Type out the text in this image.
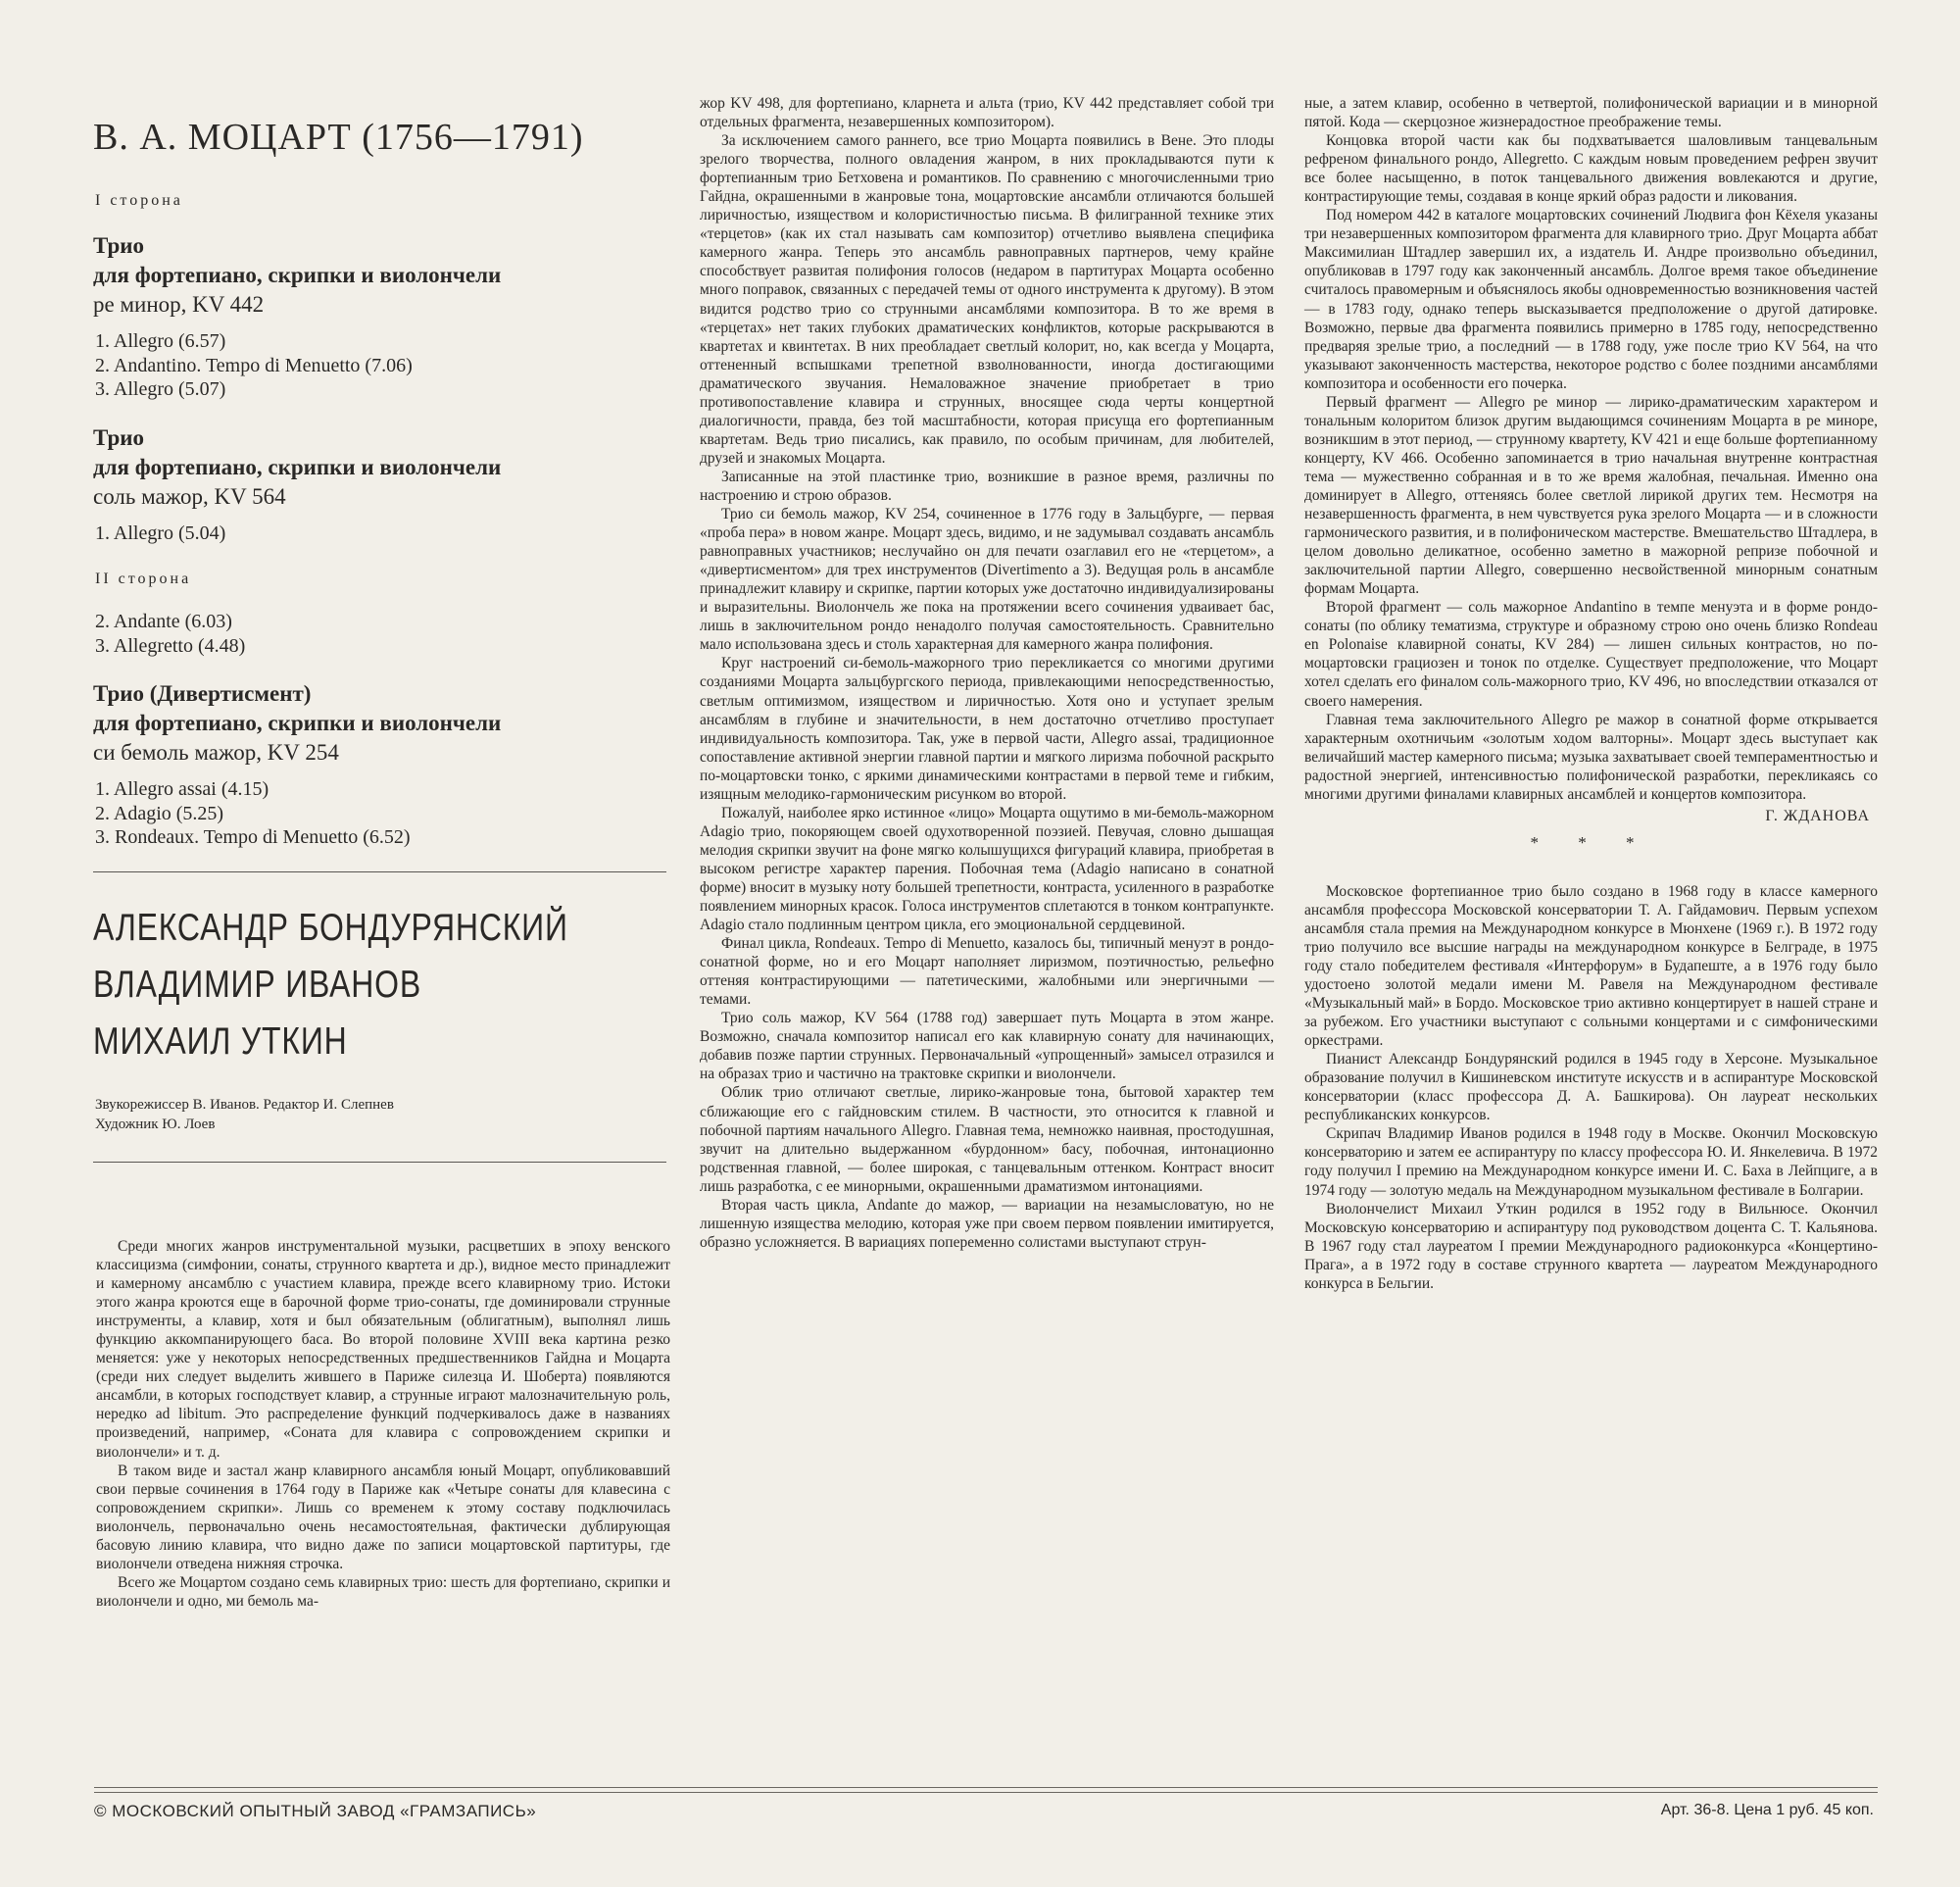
В. А. МОЦАРТ (1756—1791)
I сторона
Трио
для фортепиано, скрипки и виолончели
ре минор, KV 442
1. Allegro (6.57)
2. Andantino. Tempo di Menuetto (7.06)
3. Allegro (5.07)
Трио
для фортепиано, скрипки и виолончели
соль мажор, KV 564
1. Allegro (5.04)
II сторона
2. Andante (6.03)
3. Allegretto (4.48)
Трио (Дивертисмент)
для фортепиано, скрипки и виолончели
си бемоль мажор, KV 254
1. Allegro assai (4.15)
2. Adagio (5.25)
3. Rondeaux. Tempo di Menuetto (6.52)
АЛЕКСАНДР БОНДУРЯНСКИЙ
ВЛАДИМИР ИВАНОВ
МИХАИЛ УТКИН
Звукорежиссер В. Иванов. Редактор И. Слепнев
Художник Ю. Лоев

Среди многих жанров инструментальной музыки, расцветших в эпоху венского классицизма (симфонии, сонаты, струнного квартета и др.), видное место принадлежит и камерному ансамблю с участием клавира, прежде всего клавирному трио. Истоки этого жанра кроются еще в барочной форме трио-сонаты, где доминировали струнные инструменты, а клавир, хотя и был обязательным (облигатным), выполнял лишь функцию аккомпанирующего баса. Во второй половине XVIII века картина резко меняется: уже у некоторых непосредственных предшественников Гайдна и Моцарта (среди них следует выделить жившего в Париже силезца И. Шоберта) появляются ансамбли, в которых господствует клавир, а струнные играют малозначительную роль, нередко ad libitum. Это распределение функций подчеркивалось даже в названиях произведений, например, «Соната для клавира с сопровождением скрипки и виолончели» и т. д.

В таком виде и застал жанр клавирного ансамбля юный Моцарт, опубликовавший свои первые сочинения в 1764 году в Париже как «Четыре сонаты для клавесина с сопровождением скрипки». Лишь со временем к этому составу подключилась виолончель, первоначально очень несамостоятельная, фактически дублирующая басовую линию клавира, что видно даже по записи моцартовской партитуры, где виолончели отведена нижняя строчка.

Всего же Моцартом создано семь клавирных трио: шесть для фортепиано, скрипки и виолончели и одно, ми бемоль ма-

жор KV 498, для фортепиано, кларнета и альта (трио, KV 442 представляет собой три отдельных фрагмента, незавершенных композитором).

За исключением самого раннего, все трио Моцарта появились в Вене. Это плоды зрелого творчества, полного овладения жанром, в них прокладываются пути к фортепианным трио Бетховена и романтиков. По сравнению с многочисленными трио Гайдна, окрашенными в жанровые тона, моцартовские ансамбли отличаются большей лиричностью, изяществом и колористичностью письма. В филигранной технике этих «терцетов» (как их стал называть сам композитор) отчетливо выявлена специфика камерного жанра. Теперь это ансамбль равноправных партнеров, чему крайне способствует развитая полифония голосов (недаром в партитурах Моцарта особенно много поправок, связанных с передачей темы от одного инструмента к другому). В этом видится родство трио со струнными ансамблями композитора. В то же время в «терцетах» нет таких глубоких драматических конфликтов, которые раскрываются в квартетах и квинтетах. В них преобладает светлый колорит, но, как всегда у Моцарта, оттененный вспышками трепетной взволнованности, иногда достигающими драматического звучания. Немаловажное значение приобретает в трио противопоставление клавира и струнных, вносящее сюда черты концертной диалогичности, правда, без той масштабности, которая присуща его фортепианным квартетам. Ведь трио писались, как правило, по особым причинам, для любителей, друзей и знакомых Моцарта.

Записанные на этой пластинке трио, возникшие в разное время, различны по настроению и строю образов.

Трио си бемоль мажор, KV 254, сочиненное в 1776 году в Зальцбурге, — первая «проба пера» в новом жанре. Моцарт здесь, видимо, и не задумывал создавать ансамбль равноправных участников; неслучайно он для печати озаглавил его не «терцетом», а «дивертисментом» для трех инструментов (Divertimento a 3). Ведущая роль в ансамбле принадлежит клавиру и скрипке, партии которых уже достаточно индивидуализированы и выразительны. Виолончель же пока на протяжении всего сочинения удваивает бас, лишь в заключительном рондо ненадолго получая самостоятельность. Сравнительно мало использована здесь и столь характерная для камерного жанра полифония.

Круг настроений си-бемоль-мажорного трио перекликается со многими другими созданиями Моцарта зальцбургского периода, привлекающими непосредственностью, светлым оптимизмом, изяществом и лиричностью. Хотя оно и уступает зрелым ансамблям в глубине и значительности, в нем достаточно отчетливо проступает индивидуальность композитора. Так, уже в первой части, Allegro assai, традиционное сопоставление активной энергии главной партии и мягкого лиризма побочной раскрыто по-моцартовски тонко, с яркими динамическими контрастами в первой теме и гибким, изящным мелодико-гармоническим рисунком во второй.

Пожалуй, наиболее ярко истинное «лицо» Моцарта ощутимо в ми-бемоль-мажорном Adagio трио, покоряющем своей одухотворенной поэзией. Певучая, словно дышащая мелодия скрипки звучит на фоне мягко колышущихся фигураций клавира, приобретая в высоком регистре характер парения. Побочная тема (Adagio написано в сонатной форме) вносит в музыку ноту большей трепетности, контраста, усиленного в разработке появлением минорных красок. Голоса инструментов сплетаются в тонком контрапункте. Adagio стало подлинным центром цикла, его эмоциональной сердцевиной.

Финал цикла, Rondeaux. Tempo di Menuetto, казалось бы, типичный менуэт в рондо-сонатной форме, но и его Моцарт наполняет лиризмом, поэтичностью, рельефно оттеняя контрастирующими — патетическими, жалобными или энергичными — темами.

Трио соль мажор, KV 564 (1788 год) завершает путь Моцарта в этом жанре. Возможно, сначала композитор написал его как клавирную сонату для начинающих, добавив позже партии струнных. Первоначальный «упрощенный» замысел отразился и на образах трио и частично на трактовке скрипки и виолончели.

Облик трио отличают светлые, лирико-жанровые тона, бытовой характер тем сближающие его с гайдновским стилем. В частности, это относится к главной и побочной партиям начального Allegro. Главная тема, немножко наивная, простодушная, звучит на длительно выдержанном «бурдонном» басу, побочная, интонационно родственная главной, — более широкая, с танцевальным оттенком. Контраст вносит лишь разработка, с ее минорными, окрашенными драматизмом интонациями.

Вторая часть цикла, Andante до мажор, — вариации на незамысловатую, но не лишенную изящества мелодию, которая уже при своем первом появлении имитируется, образно усложняется. В вариациях попеременно солистами выступают струн-

ные, а затем клавир, особенно в четвертой, полифонической вариации и в минорной пятой. Кода — скерцозное жизнерадостное преображение темы.

Концовка второй части как бы подхватывается шаловливым танцевальным рефреном финального рондо, Allegretto. С каждым новым проведением рефрен звучит все более насыщенно, в поток танцевального движения вовлекаются и другие, контрастирующие темы, создавая в конце яркий образ радости и ликования.

Под номером 442 в каталоге моцартовских сочинений Людвига фон Кёхеля указаны три незавершенных композитором фрагмента для клавирного трио. Друг Моцарта аббат Максимилиан Штадлер завершил их, а издатель И. Андре произвольно объединил, опубликовав в 1797 году как законченный ансамбль. Долгое время такое объединение считалось правомерным и объяснялось якобы одновременностью возникновения частей — в 1783 году, однако теперь высказывается предположение о другой датировке. Возможно, первые два фрагмента появились примерно в 1785 году, непосредственно предваряя зрелые трио, а последний — в 1788 году, уже после трио KV 564, на что указывают законченность мастерства, некоторое родство с более поздними ансамблями композитора и особенности его почерка.

Первый фрагмент — Allegro ре минор — лирико-драматическим характером и тональным колоритом близок другим выдающимся сочинениям Моцарта в ре миноре, возникшим в этот период, — струнному квартету, KV 421 и еще больше фортепианному концерту, KV 466. Особенно запоминается в трио начальная внутренне контрастная тема — мужественно собранная и в то же время жалобная, печальная. Именно она доминирует в Allegro, оттеняясь более светлой лирикой других тем. Несмотря на незавершенность фрагмента, в нем чувствуется рука зрелого Моцарта — и в сложности гармонического развития, и в полифоническом мастерстве. Вмешательство Штадлера, в целом довольно деликатное, особенно заметно в мажорной репризе побочной и заключительной партии Allegro, совершенно несвойственной минорным сонатным формам Моцарта.

Второй фрагмент — соль мажорное Andantino в темпе менуэта и в форме рондо-сонаты (по облику тематизма, структуре и образному строю оно очень близко Rondeau en Polonaise клавирной сонаты, KV 284) — лишен сильных контрастов, но по-моцартовски грациозен и тонок по отделке. Существует предположение, что Моцарт хотел сделать его финалом соль-мажорного трио, KV 496, но впоследствии отказался от своего намерения.

Главная тема заключительного Allegro ре мажор в сонатной форме открывается характерным охотничьим «золотым ходом валторны». Моцарт здесь выступает как величайший мастер камерного письма; музыка захватывает своей темпераментностью и радостной энергией, интенсивностью полифонической разработки, перекликаясь со многими другими финалами клавирных ансамблей и концертов композитора.

Г. ЖДАНОВА
* * *

Московское фортепианное трио было создано в 1968 году в классе камерного ансамбля профессора Московской консерватории Т. А. Гайдамович. Первым успехом ансамбля стала премия на Международном конкурсе в Мюнхене (1969 г.). В 1972 году трио получило все высшие награды на международном конкурсе в Белграде, в 1975 году стало победителем фестиваля «Интерфорум» в Будапеште, а в 1976 году было удостоено золотой медали имени М. Равеля на Международном фестивале «Музыкальный май» в Бордо. Московское трио активно концертирует в нашей стране и за рубежом. Его участники выступают с сольными концертами и с симфоническими оркестрами.

Пианист Александр Бондурянский родился в 1945 году в Херсоне. Музыкальное образование получил в Кишиневском институте искусств и в аспирантуре Московской консерватории (класс профессора Д. А. Башкирова). Он лауреат нескольких республиканских конкурсов.

Скрипач Владимир Иванов родился в 1948 году в Москве. Окончил Московскую консерваторию и затем ее аспирантуру по классу профессора Ю. И. Янкелевича. В 1972 году получил I премию на Международном конкурсе имени И. С. Баха в Лейпциге, а в 1974 году — золотую медаль на Международном музыкальном фестивале в Болгарии.

Виолончелист Михаил Уткин родился в 1952 году в Вильнюсе. Окончил Московскую консерваторию и аспирантуру под руководством доцента С. Т. Кальянова. В 1967 году стал лауреатом I премии Международного радиоконкурса «Концертино-Прага», а в 1972 году в составе струнного квартета — лауреатом Международного конкурса в Бельгии.

© МОСКОВСКИЙ ОПЫТНЫЙ ЗАВОД «ГРАМЗАПИСЬ»	Арт. 36-8. Цена 1 руб. 45 коп.
